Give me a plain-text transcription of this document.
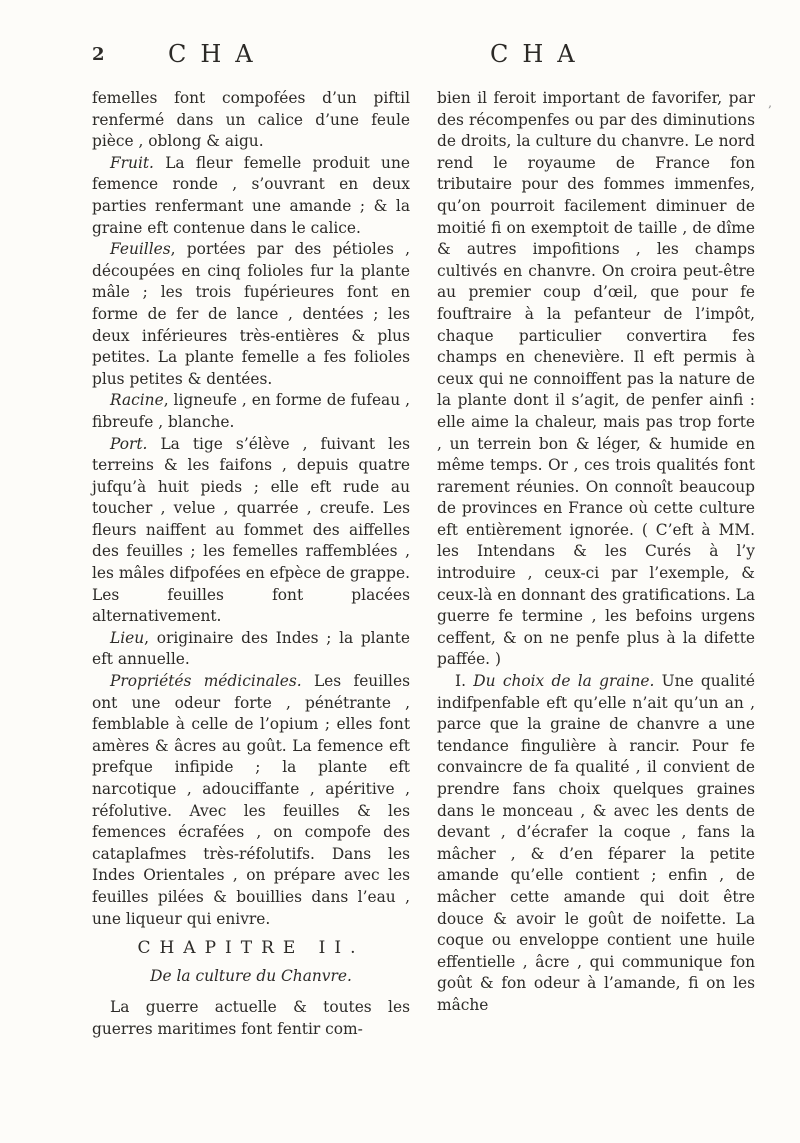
2	CHA	CHA

femelles font compofées d’un piftil renfermé dans un calice d’une feule pièce , oblong & aigu.

Fruit. La fleur femelle produit une femence ronde , s’ouvrant en deux parties renfermant une amande ; & la graine eft contenue dans le calice.

Feuilles, portées par des pétioles , découpées en cinq folioles fur la plante mâle ; les trois fupérieures font en forme de fer de lance , dentées ; les deux inférieures très-entières & plus petites. La plante femelle a fes folioles plus petites & dentées.

Racine, ligneufe , en forme de fufeau , fibreufe , blanche.

Port. La tige s’élève , fuivant les terreins & les faifons , depuis quatre jufqu’à huit pieds ; elle eft rude au toucher , velue , quarrée , creufe. Les fleurs naiffent au fommet des aiffelles des feuilles ; les femelles raffemblées , les mâles difpofées en efpèce de grappe. Les feuilles font placées alternativement.

Lieu, originaire des Indes ; la plante eft annuelle.

Propriétés médicinales. Les feuilles ont une odeur forte , pénétrante , femblable à celle de l’opium ; elles font amères & âcres au goût. La femence eft prefque infipide ; la plante eft narcotique , adouciffante , apéritive , réfolutive. Avec les feuilles & les femences écrafées , on compofe des cataplafmes très-réfolutifs. Dans les Indes Orientales , on prépare avec les feuilles pilées & bouillies dans l’eau , une liqueur qui enivre.

CHAPITRE II.

De la culture du Chanvre.

La guerre actuelle & toutes les guerres maritimes font fentir com-

bien il feroit important de favorifer, par des récompenfes ou par des diminutions de droits, la culture du chanvre. Le nord rend le royaume de France fon tributaire pour des fommes immenfes, qu’on pourroit facilement diminuer de moitié fi on exemptoit de taille , de dîme & autres impofitions , les champs cultivés en chanvre. On croira peut-être au premier coup d’œil, que pour fe fouftraire à la pefanteur de l’impôt, chaque particulier convertira fes champs en chenevière. Il eft permis à ceux qui ne connoiffent pas la nature de la plante dont il s’agit, de penfer ainfi : elle aime la chaleur, mais pas trop forte , un terrein bon & léger, & humide en même temps. Or , ces trois qualités font rarement réunies. On connoît beaucoup de provinces en France où cette culture eft entièrement ignorée. ( C’eft à MM. les Intendans & les Curés à l’y introduire , ceux-ci par l’exemple, & ceux-là en donnant des gratifications. La guerre fe termine , les befoins urgens ceffent, & on ne penfe plus à la difette paffée. )

I. Du choix de la graine. Une qualité indifpenfable eft qu’elle n’ait qu’un an , parce que la graine de chanvre a une tendance fingulière à rancir. Pour fe convaincre de fa qualité , il convient de prendre fans choix quelques graines dans le monceau , & avec les dents de devant , d’écrafer la coque , fans la mâcher , & d’en féparer la petite amande qu’elle contient ; enfin , de mâcher cette amande qui doit être douce & avoir le goût de noifette. La coque ou enveloppe contient une huile effentielle , âcre , qui communique fon goût & fon odeur à l’amande, fi on les mâche

,
